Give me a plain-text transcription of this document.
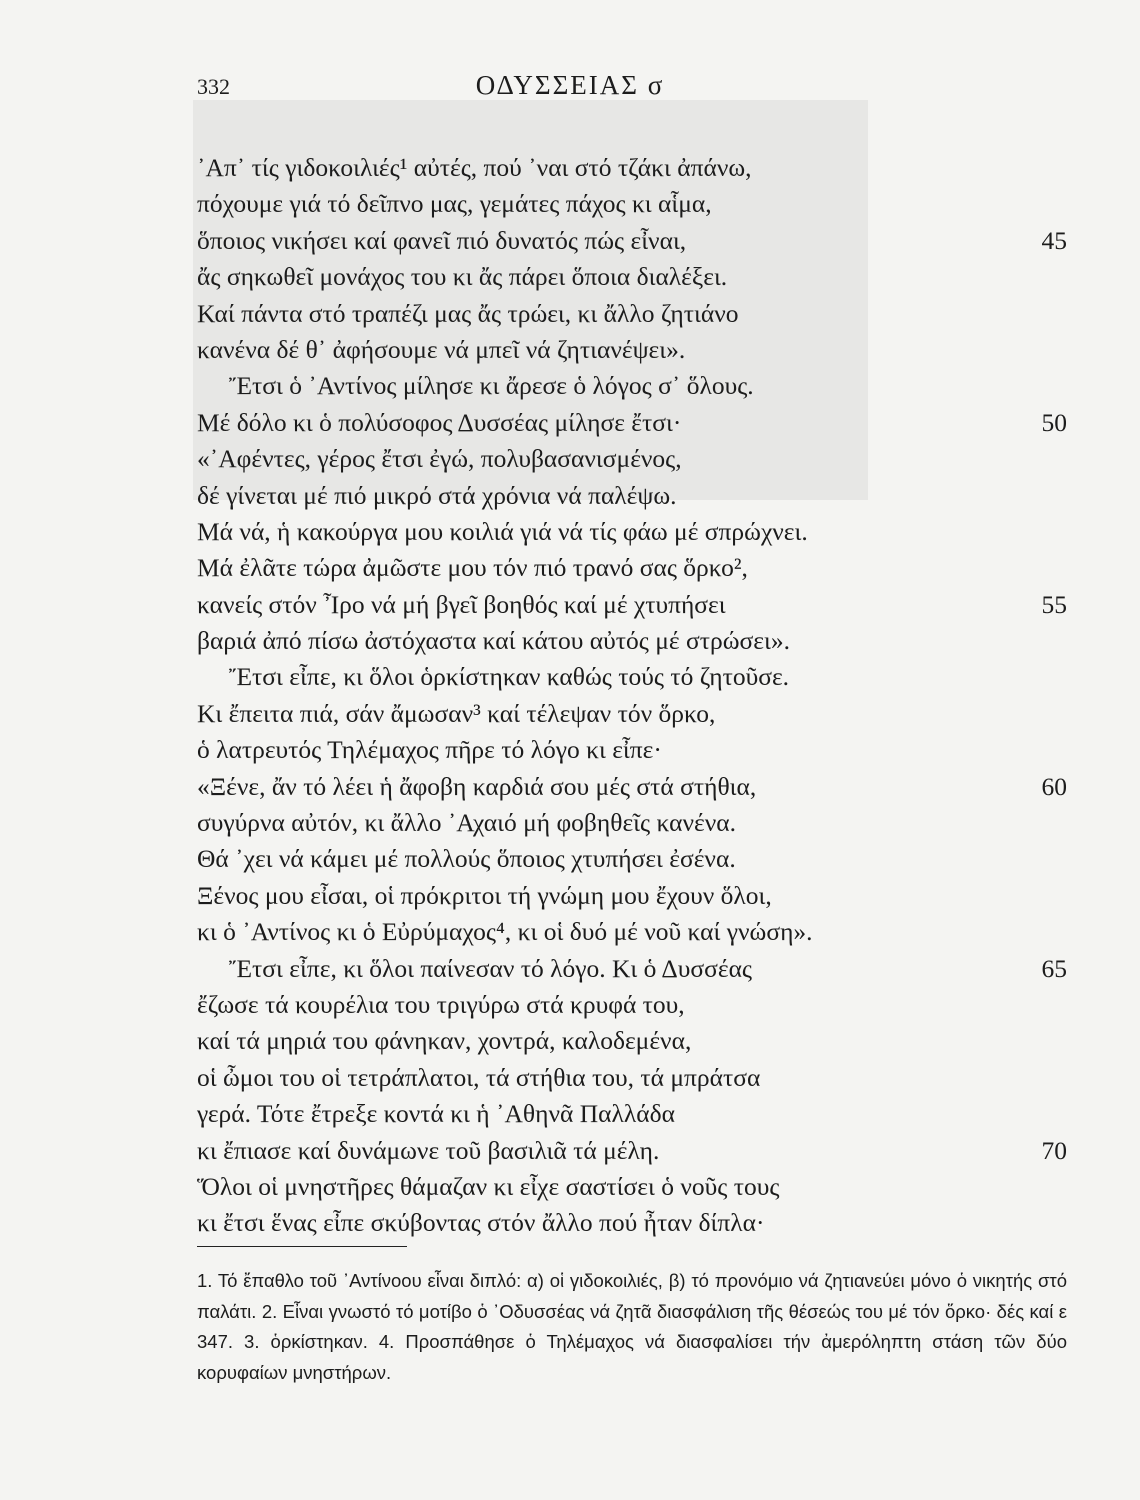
332	ΟΔΥΣΣΕΙΑΣ σ
᾿Απ᾿ τίς γιδοκοιλιές¹ αὐτές, πού ᾿ναι στό τζάκι ἀπάνω,
πόχουμε γιά τό δεῖπνο μας, γεμάτες πάχος κι αἷμα,
ὅποιος νικήσει καί φανεῖ πιό δυνατός πώς εἶναι,	45
ἄς σηκωθεῖ μονάχος του κι ἄς πάρει ὅποια διαλέξει.
Καί πάντα στό τραπέζι μας ἄς τρώει, κι ἄλλο ζητιάνο
κανένα δέ θ᾿ ἀφήσουμε νά μπεῖ νά ζητιανέψει».
Ἔτσι ὁ ᾿Αντίνος μίλησε κι ἄρεσε ὁ λόγος σ᾿ ὅλους.
Μέ δόλο κι ὁ πολύσοφος Δυσσέας μίλησε ἔτσι·	50
«᾿Αφέντες, γέρος ἔτσι ἐγώ, πολυβασανισμένος,
δέ γίνεται μέ πιό μικρό στά χρόνια νά παλέψω.
Μά νά, ἡ κακούργα μου κοιλιά γιά νά τίς φάω μέ σπρώχνει.
Μά ἐλᾶτε τώρα ἀμῶστε μου τόν πιό τρανό σας ὅρκο²,
κανείς στόν Ἶρο νά μή βγεῖ βοηθός καί μέ χτυπήσει	55
βαριά ἀπό πίσω ἀστόχαστα καί κάτου αὐτός μέ στρώσει».
Ἔτσι εἶπε, κι ὅλοι ὁρκίστηκαν καθώς τούς τό ζητοῦσε.
Κι ἔπειτα πιά, σάν ἄμωσαν³ καί τέλεψαν τόν ὅρκο,
ὁ λατρευτός Τηλέμαχος πῆρε τό λόγο κι εἶπε·
«Ξένε, ἄν τό λέει ἡ ἄφοβη καρδιά σου μές στά στήθια,	60
συγύρνα αὐτόν, κι ἄλλο ᾿Αχαιό μή φοβηθεῖς κανένα.
Θά ᾿χει νά κάμει μέ πολλούς ὅποιος χτυπήσει ἐσένα.
Ξένος μου εἶσαι, οἱ πρόκριτοι τή γνώμη μου ἔχουν ὅλοι,
κι ὁ ᾿Αντίνος κι ὁ Εὐρύμαχος⁴, κι οἱ δυό μέ νοῦ καί γνώση».
Ἔτσι εἶπε, κι ὅλοι παίνεσαν τό λόγο. Κι ὁ Δυσσέας	65
ἔζωσε τά κουρέλια του τριγύρω στά κρυφά του,
καί τά μηριά του φάνηκαν, χοντρά, καλοδεμένα,
οἱ ὦμοι του οἱ τετράπλατοι, τά στήθια του, τά μπράτσα
γερά. Τότε ἔτρεξε κοντά κι ἡ ᾿Αθηνᾶ Παλλάδα
κι ἔπιασε καί δυνάμωνε τοῦ βασιλιᾶ τά μέλη.	70
Ὅλοι οἱ μνηστῆρες θάμαζαν κι εἶχε σαστίσει ὁ νοῦς τους
κι ἔτσι ἕνας εἶπε σκύβοντας στόν ἄλλο πού ἦταν δίπλα·
1. Τό ἔπαθλο τοῦ ᾿Αντίνοου εἶναι διπλό: α) οἱ γιδοκοιλιές, β) τό προνόμιο νά ζητιανεύει μόνο ὁ νικητής στό παλάτι. 2. Εἶναι γνωστό τό μοτίβο ὁ ᾿Οδυσσέας νά ζητᾶ διασφάλιση τῆς θέσεώς του μέ τόν ὅρκο· δές καί ε 347. 3. ὁρκίστηκαν. 4. Προσπάθησε ὁ Τηλέμαχος νά διασφαλίσει τήν ἀμερόληπτη στάση τῶν δύο κορυφαίων μνηστήρων.
